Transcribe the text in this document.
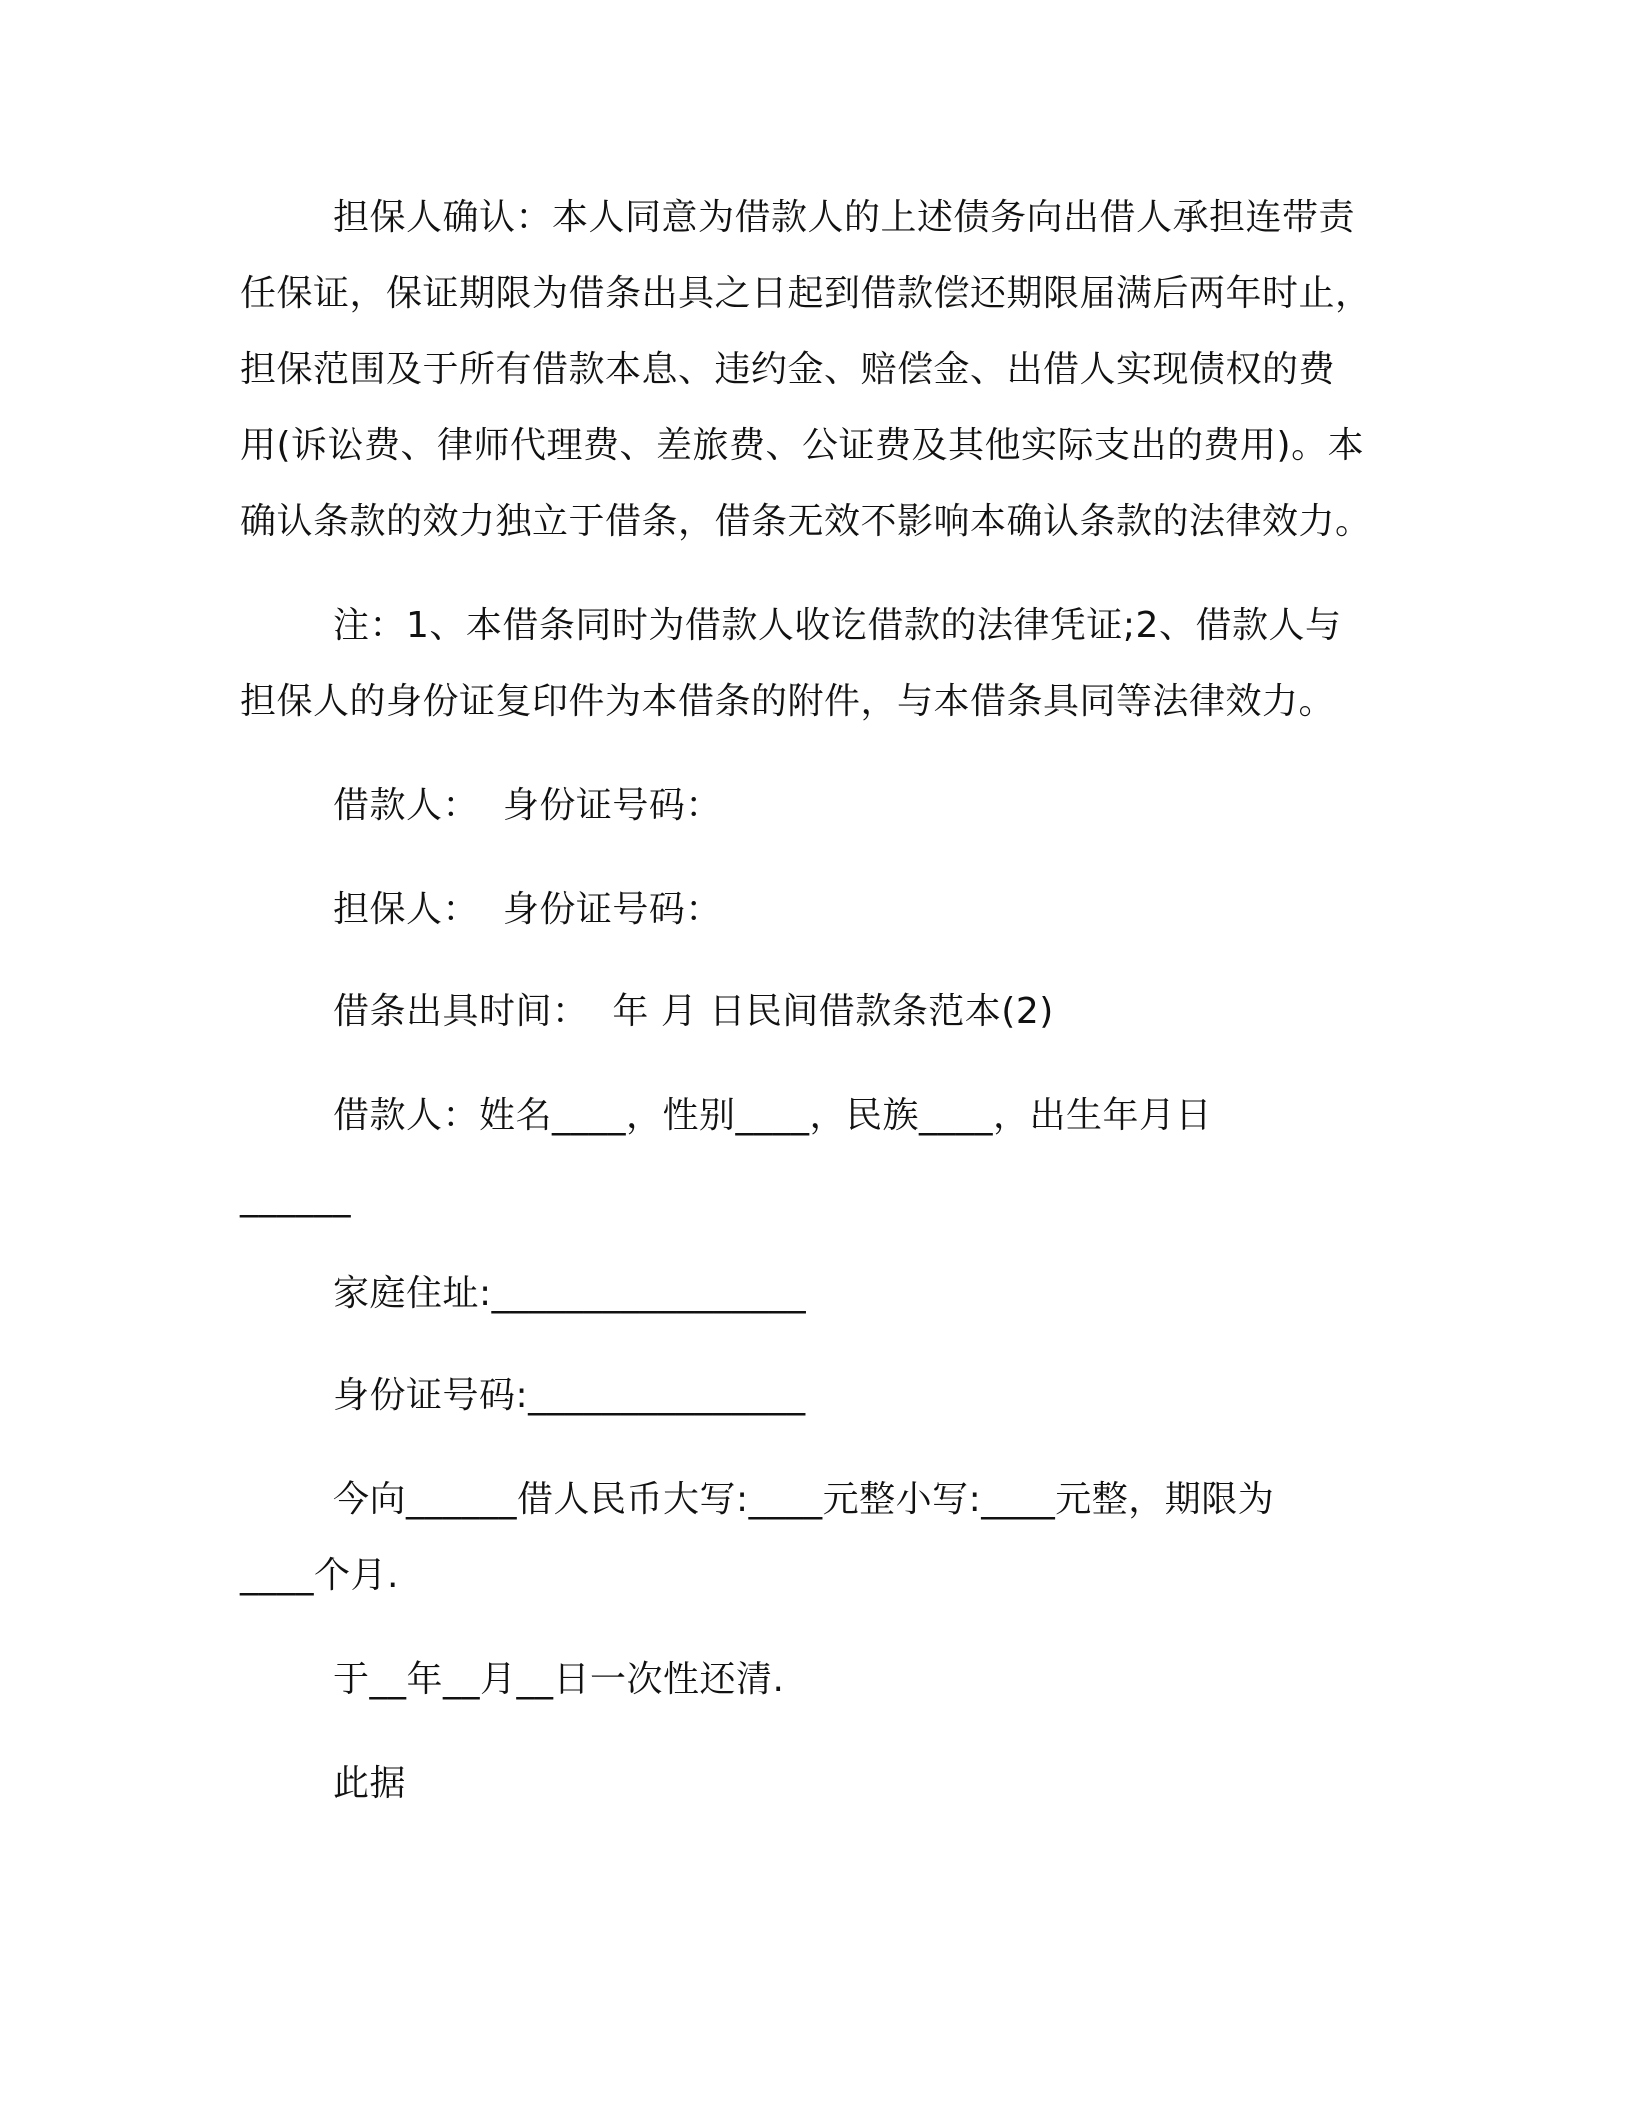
担保人确认：本人同意为借款人的上述债务向出借人承担连带责
任保证，保证期限为借条出具之日起到借款偿还期限届满后两年时止，
担保范围及于所有借款本息、违约金、赔偿金、出借人实现债权的费
用(诉讼费、律师代理费、差旅费、公证费及其他实际支出的费用)。本
确认条款的效力独立于借条，借条无效不影响本确认条款的法律效力。
注：1、本借条同时为借款人收讫借款的法律凭证;2、借款人与
担保人的身份证复印件为本借条的附件，与本借条具同等法律效力。
借款人：  身份证号码：
担保人：  身份证号码：
借条出具时间：  年 月 日民间借款条范本(2)
借款人：姓名____，性别____，民族____，出生年月日
______
家庭住址:_________________
身份证号码:_______________
今向______借人民币大写:____元整小写:____元整，期限为
____个月.
于__年__月__日一次性还清.
此据
